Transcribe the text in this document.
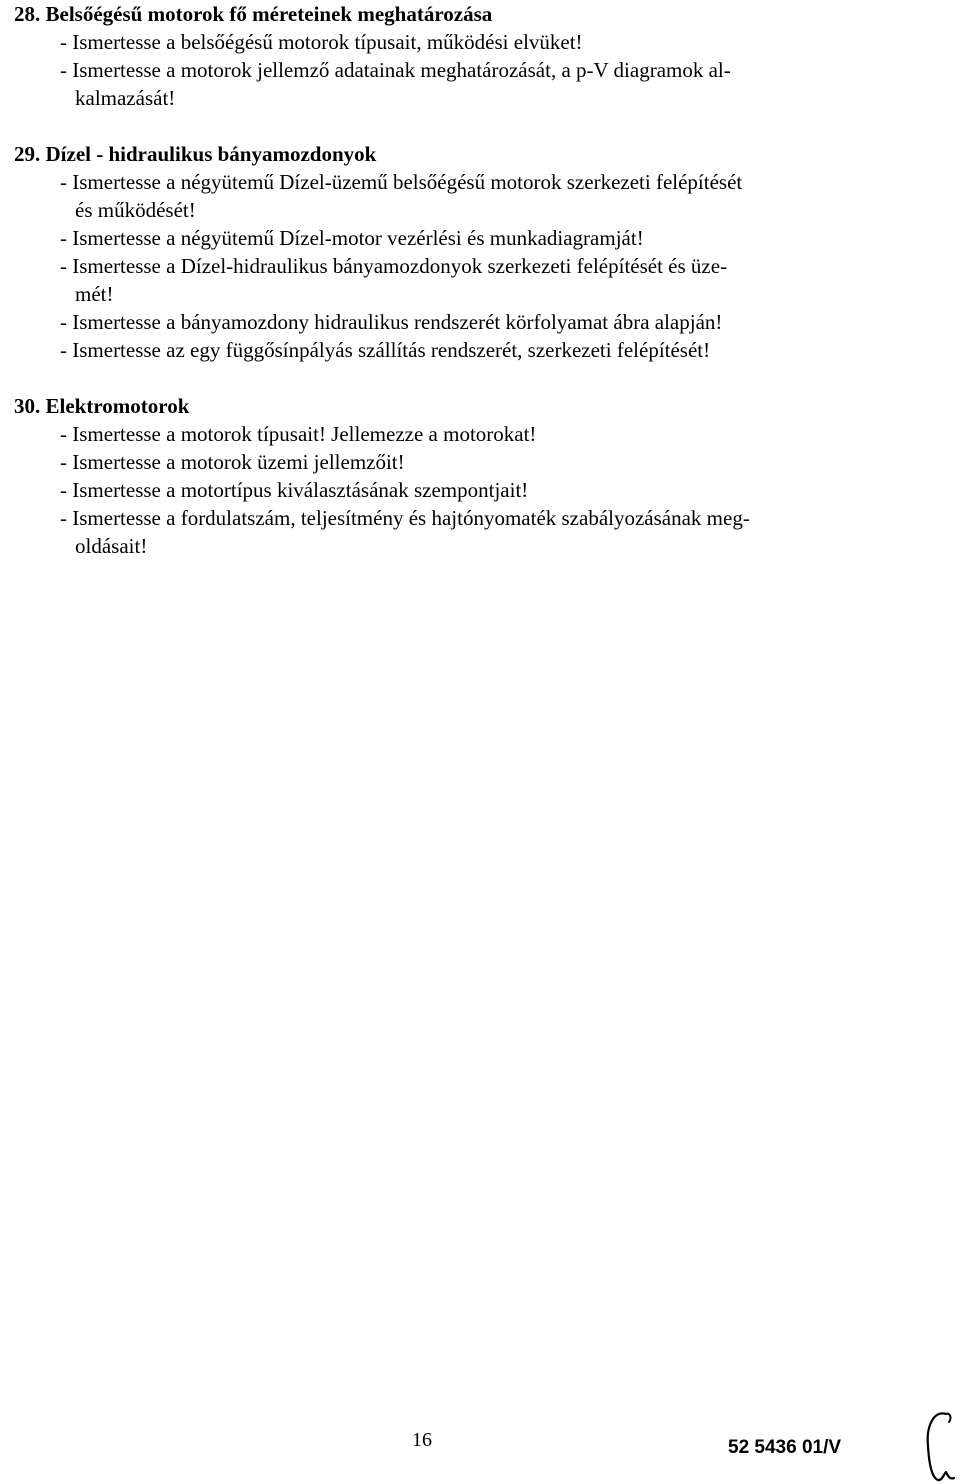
28. Belsőégésű motorok fő méreteinek meghatározása

- Ismertesse a belsőégésű motorok típusait, működési elvüket!

- Ismertesse a motorok jellemző adatainak meghatározását, a p-V diagramok al-
kalmazását!

29. Dízel - hidraulikus bányamozdonyok

- Ismertesse a négyütemű Dízel-üzemű belsőégésű motorok szerkezeti felépítését
és működését!

- Ismertesse a négyütemű Dízel-motor vezérlési és munkadiagramját!

- Ismertesse a Dízel-hidraulikus bányamozdonyok szerkezeti felépítését és üze-
mét!

- Ismertesse a bányamozdony hidraulikus rendszerét körfolyamat ábra alapján!

- Ismertesse az egy függősínpályás szállítás rendszerét, szerkezeti felépítését!

30. Elektromotorok

- Ismertesse a motorok típusait! Jellemezze a motorokat!

- Ismertesse a motorok üzemi jellemzőit!

- Ismertesse a motortípus kiválasztásának szempontjait!

- Ismertesse a fordulatszám, teljesítmény és hajtónyomaték szabályozásának meg-
oldásait!

16	52 5436 01/V
